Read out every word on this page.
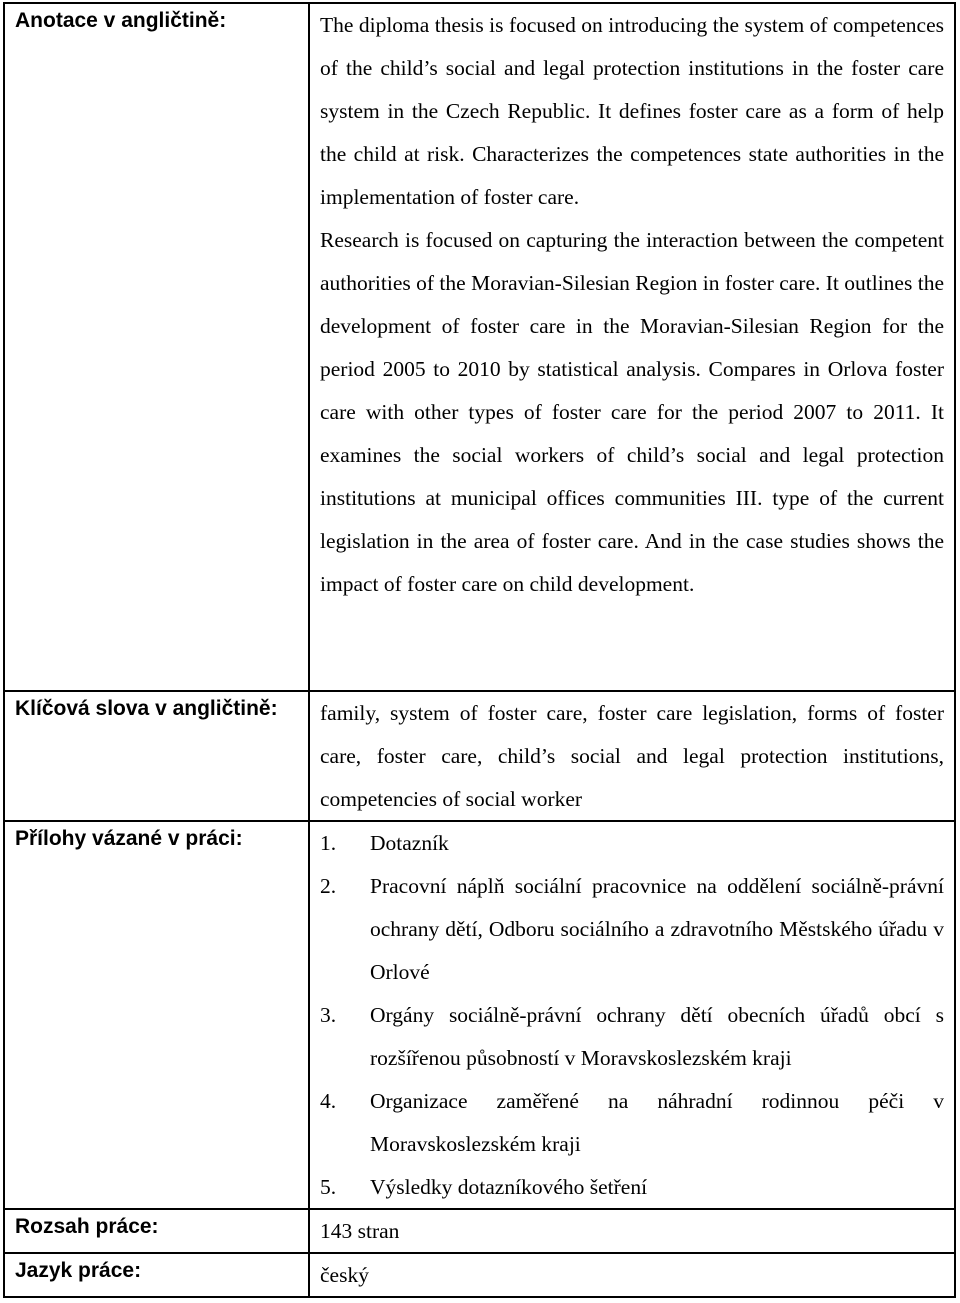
Anotace v angličtině:	The diploma thesis is focused on introducing the system of competences of the child’s social and legal protection institutions in the foster care system in the Czech Republic. It defines foster care as a form of help the child at risk. Characterizes the competences state authorities in the implementation of foster care.

Research is focused on capturing the interaction between the competent authorities of the Moravian-Silesian Region in foster care. It outlines the development of foster care in the Moravian-Silesian Region for the period 2005 to 2010 by statistical analysis. Compares in Orlova foster care with other types of foster care for the period 2007 to 2011. It examines the social workers of child’s social and legal protection institutions at municipal offices communities III. type of the current legislation in the area of foster care. And in the case studies shows the impact of foster care on child development.

Klíčová slova v angličtině: family, system of foster care, foster care legislation, forms of foster care, foster care, child’s social and legal protection institutions, competencies of social worker
Přílohy vázané v práci:	1. Dotazník
2. Pracovní náplň sociální pracovnice na oddělení sociálně-právní ochrany dětí, Odboru sociálního a zdravotního Městského úřadu v Orlové
3. Orgány sociálně-právní ochrany dětí obecních úřadů obcí s rozšířenou působností v Moravskoslezském kraji
4. Organizace zaměřené na náhradní rodinnou péči v Moravskoslezském kraji
5. Výsledky dotazníkového šetření
Rozsah práce:	143 stran
Jazyk práce:	český
